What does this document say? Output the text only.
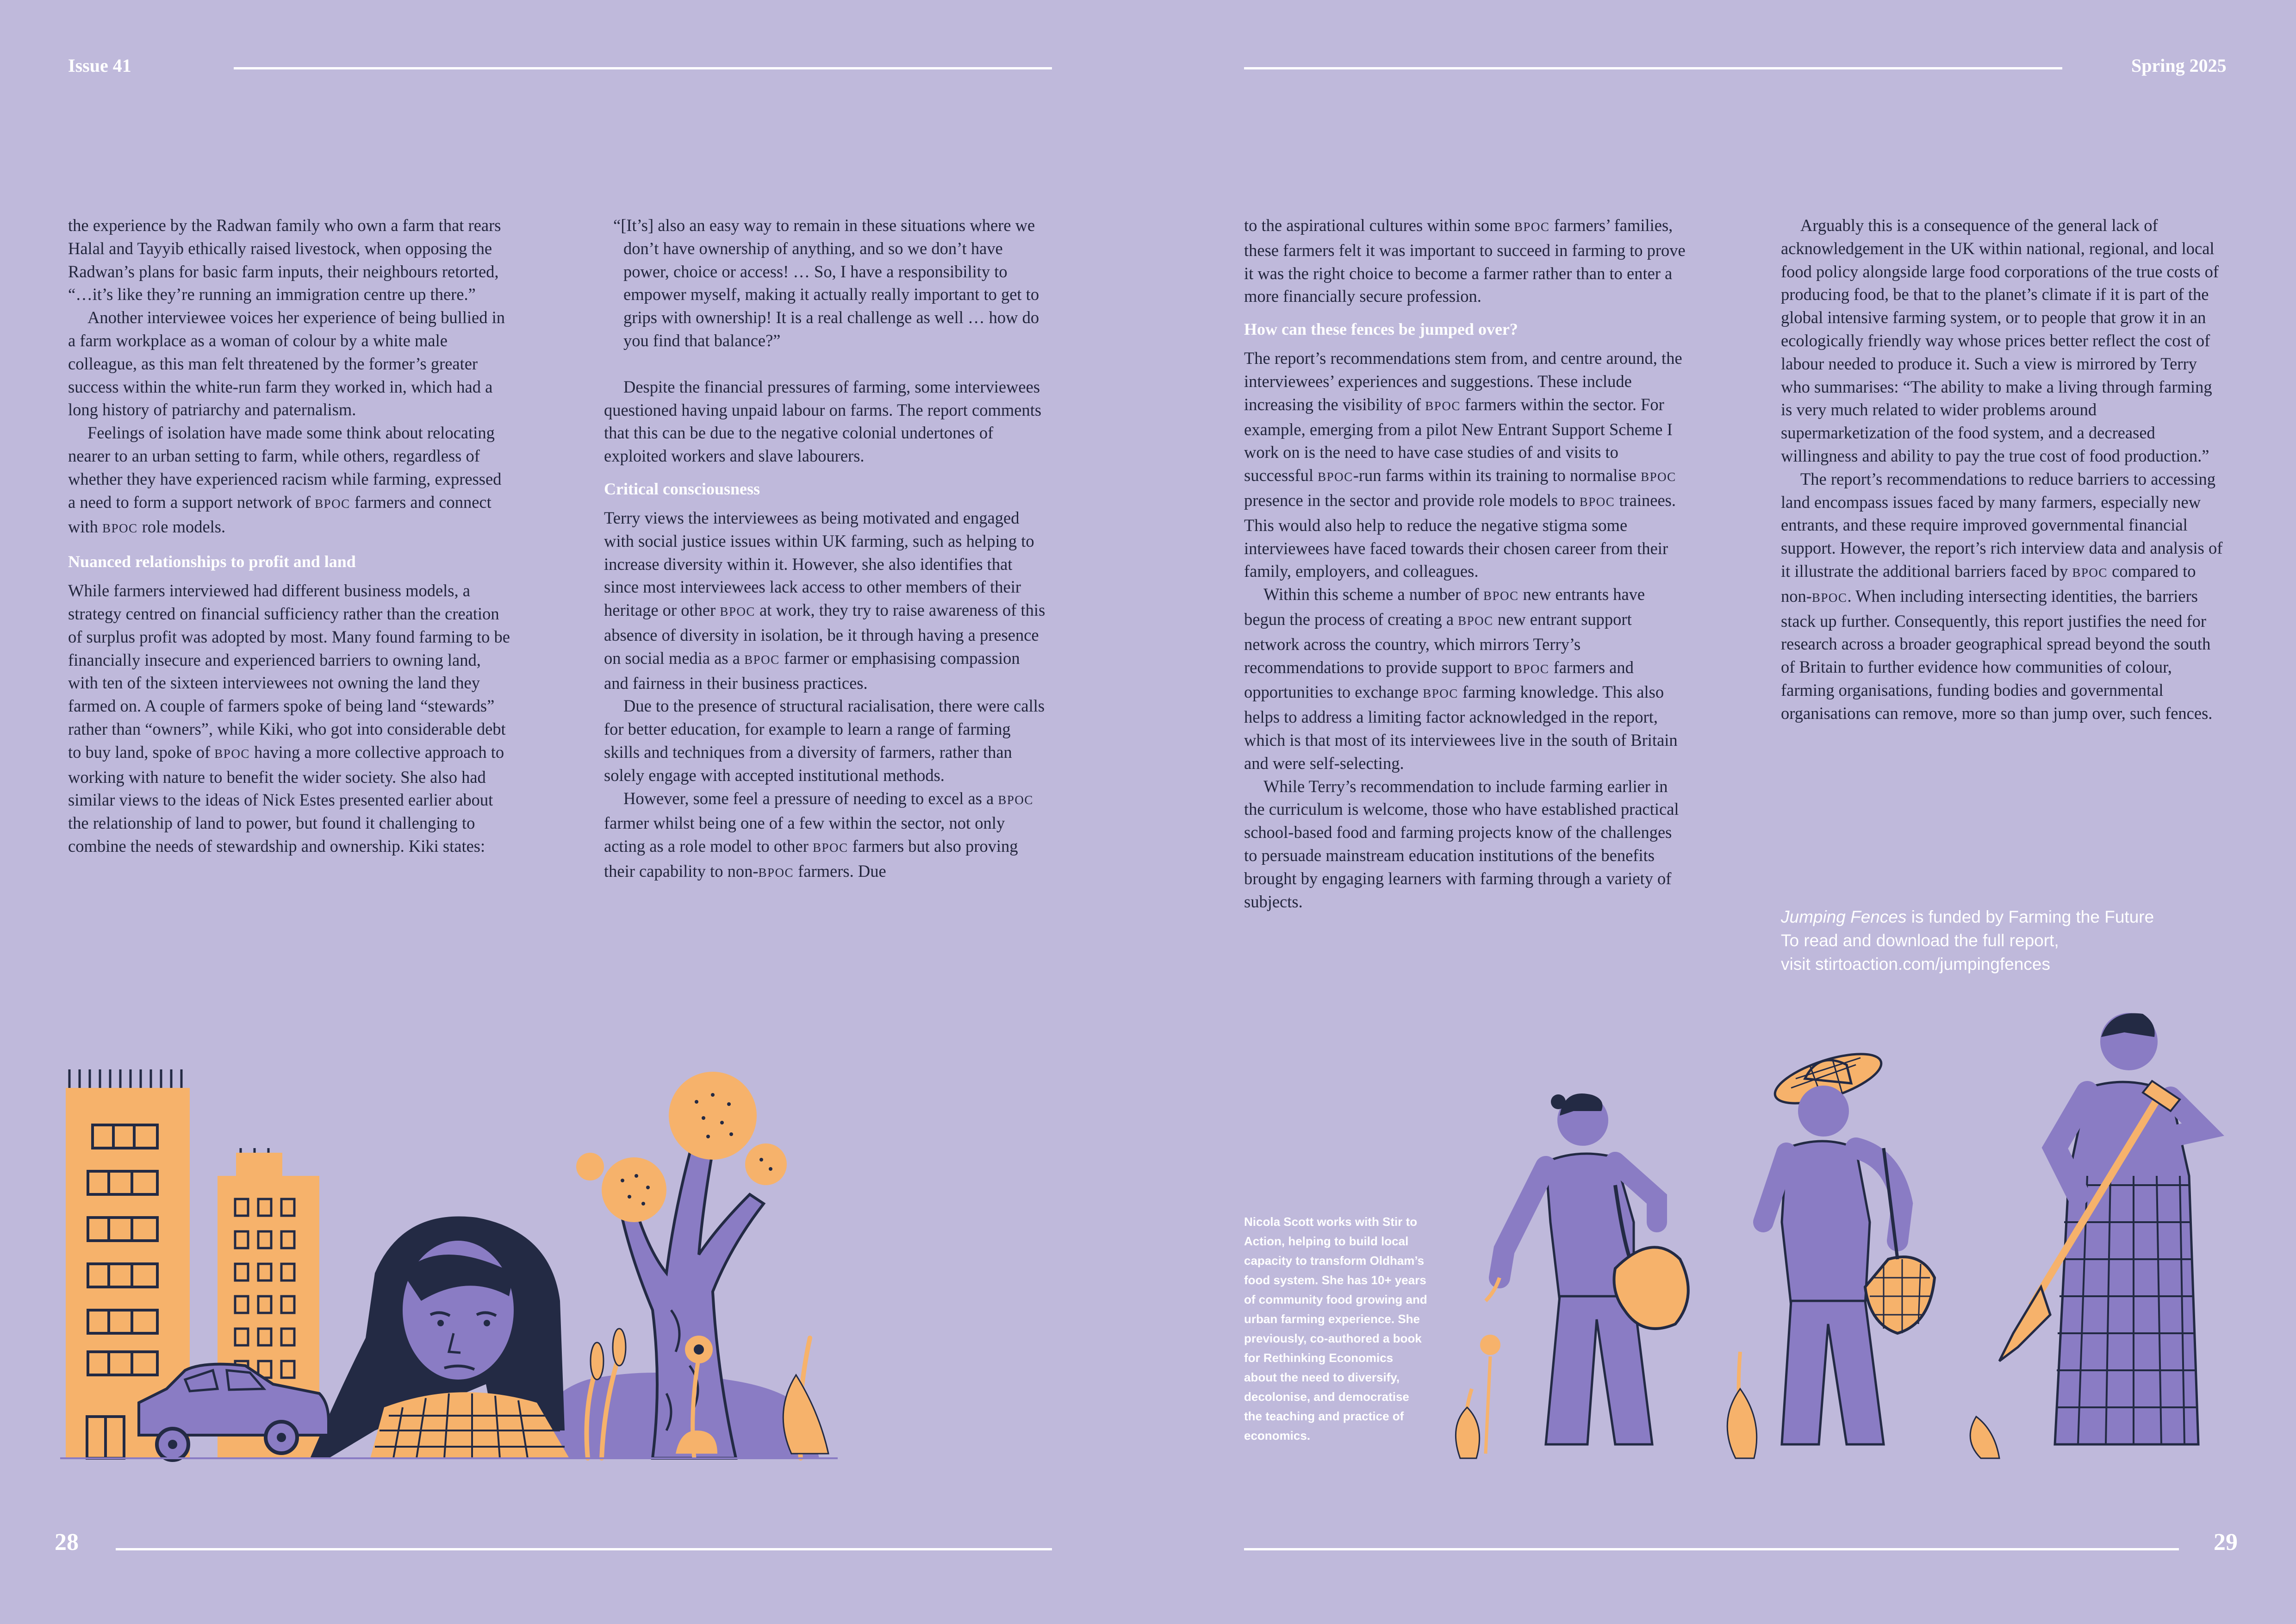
Issue 41	Spring 2025

the experience by the Radwan family who own a farm that rears Halal and Tayyib ethically raised livestock, when opposing the Radwan’s plans for basic farm inputs, their neighbours retorted, “…it’s like they’re running an immigration centre up there.”

Another interviewee voices her experience of being bullied in a farm workplace as a woman of colour by a white male colleague, as this man felt threatened by the former’s greater success within the white-run farm they worked in, which had a long history of patriarchy and paternalism.

Feelings of isolation have made some think about relocating nearer to an urban setting to farm, while others, regardless of whether they have experienced racism while farming, expressed a need to form a support network of BPOC farmers and connect with BPOC role models.

Nuanced relationships to profit and land

While farmers interviewed had different business models, a strategy centred on financial sufficiency rather than the creation of surplus profit was adopted by most. Many found farming to be financially insecure and experienced barriers to owning land, with ten of the sixteen interviewees not owning the land they farmed on. A couple of farmers spoke of being land “stewards” rather than “owners”, while Kiki, who got into considerable debt to buy land, spoke of BPOC having a more collective approach to working with nature to benefit the wider society. She also had similar views to the ideas of Nick Estes presented earlier about the relationship of land to power, but found it challenging to combine the needs of stewardship and ownership. Kiki states:

“[It’s] also an easy way to remain in these situations where we don’t have ownership of anything, and so we don’t have power, choice or access! … So, I have a responsibility to empower myself, making it actually really important to get to grips with ownership! It is a real challenge as well … how do you find that balance?”

Despite the financial pressures of farming, some interviewees questioned having unpaid labour on farms. The report comments that this can be due to the negative colonial undertones of exploited workers and slave labourers.

Critical consciousness

Terry views the interviewees as being motivated and engaged with social justice issues within UK farming, such as helping to increase diversity within it. However, she also identifies that since most interviewees lack access to other members of their heritage or other BPOC at work, they try to raise awareness of this absence of diversity in isolation, be it through having a presence on social media as a BPOC farmer or emphasising compassion and fairness in their business practices.

Due to the presence of structural racialisation, there were calls for better education, for example to learn a range of farming skills and techniques from a diversity of farmers, rather than solely engage with accepted institutional methods.

However, some feel a pressure of needing to excel as a BPOC farmer whilst being one of a few within the sector, not only acting as a role model to other BPOC farmers but also proving their capability to non-BPOC farmers. Due

to the aspirational cultures within some BPOC farmers’ families, these farmers felt it was important to succeed in farming to prove it was the right choice to become a farmer rather than to enter a more financially secure profession.

How can these fences be jumped over?

The report’s recommendations stem from, and centre around, the interviewees’ experiences and suggestions. These include increasing the visibility of BPOC farmers within the sector. For example, emerging from a pilot New Entrant Support Scheme I work on is the need to have case studies of and visits to successful BPOC-run farms within its training to normalise BPOC presence in the sector and provide role models to BPOC trainees. This would also help to reduce the negative stigma some interviewees have faced towards their chosen career from their family, employers, and colleagues.

Within this scheme a number of BPOC new entrants have begun the process of creating a BPOC new entrant support network across the country, which mirrors Terry’s recommendations to provide support to BPOC farmers and opportunities to exchange BPOC farming knowledge. This also helps to address a limiting factor acknowledged in the report, which is that most of its interviewees live in the south of Britain and were self-selecting.

While Terry’s recommendation to include farming earlier in the curriculum is welcome, those who have established practical school-based food and farming projects know of the challenges to persuade mainstream education institutions of the benefits brought by engaging learners with farming through a variety of subjects.

Arguably this is a consequence of the general lack of acknowledgement in the UK within national, regional, and local food policy alongside large food corporations of the true costs of producing food, be that to the planet’s climate if it is part of the global intensive farming system, or to people that grow it in an ecologically friendly way whose prices better reflect the cost of labour needed to produce it. Such a view is mirrored by Terry who summarises: “The ability to make a living through farming is very much related to wider problems around supermarketization of the food system, and a decreased willingness and ability to pay the true cost of food production.”

The report’s recommendations to reduce barriers to accessing land encompass issues faced by many farmers, especially new entrants, and these require improved governmental financial support. However, the report’s rich interview data and analysis of it illustrate the additional barriers faced by BPOC compared to non-BPOC. When including intersecting identities, the barriers stack up further. Consequently, this report justifies the need for research across a broader geographical spread beyond the south of Britain to further evidence how communities of colour, farming organisations, funding bodies and governmental organisations can remove, more so than jump over, such fences.

Jumping Fences is funded by Farming the Future

To read and download the full report,

visit stirtoaction.com/jumpingfences

Nicola Scott works with Stir to Action, helping to build local capacity to transform Oldham’s food system. She has 10+ years of community food growing and urban farming experience. She previously, co-authored a book for Rethinking Economics about the need to diversify, decolonise, and democratise the teaching and practice of economics.
28	29
